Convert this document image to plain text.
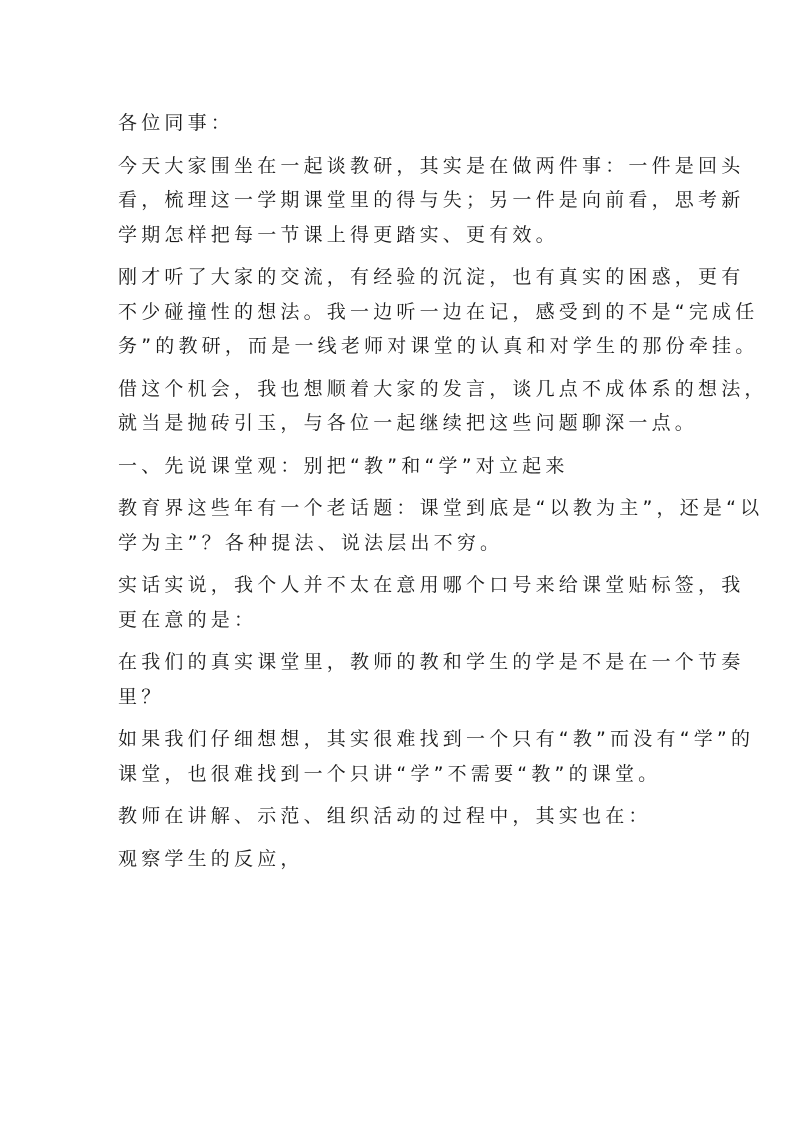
各位同事：
今天大家围坐在一起谈教研，其实是在做两件事：一件是回头
看，梳理这一学期课堂里的得与失；另一件是向前看，思考新
学期怎样把每一节课上得更踏实、更有效。
刚才听了大家的交流，有经验的沉淀，也有真实的困惑，更有
不少碰撞性的想法。我一边听一边在记，感受到的不是“完成任
务”的教研，而是一线老师对课堂的认真和对学生的那份牵挂。
借这个机会，我也想顺着大家的发言，谈几点不成体系的想法，
就当是抛砖引玉，与各位一起继续把这些问题聊深一点。
一、先说课堂观：别把“教”和“学”对立起来
教育界这些年有一个老话题：课堂到底是“以教为主”，还是“以
学为主”？各种提法、说法层出不穷。
实话实说，我个人并不太在意用哪个口号来给课堂贴标签，我
更在意的是：
在我们的真实课堂里，教师的教和学生的学是不是在一个节奏
里？
如果我们仔细想想，其实很难找到一个只有“教”而没有“学”的
课堂，也很难找到一个只讲“学”不需要“教”的课堂。
教师在讲解、示范、组织活动的过程中，其实也在：
观察学生的反应，
